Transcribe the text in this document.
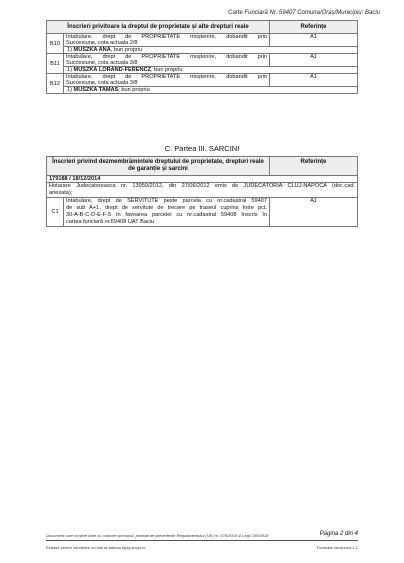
Carte Funciară Nr. 59407 Comuna/Oraș/Municipiu: Baciu
Înscrieri privitoare la dreptul de proprietate și alte drepturi reale		Referințe
B10	Intabulare, drept de PROPRIETATE moștenire, dobandit prin
Succesiune, cota actuala 2/8	A1
	1) MUSZKA ANA, bun propriu	
B11	Intabulare, drept de PROPRIETATE moștenire, dobandit prin
Succesiune, cota actuala 3/8	A1
	1) MUSZKA LORAND-FERENCZ, bun propriu	
B12	Intabulare, drept de PROPRIETATE moștenire, dobandit prin
Succesiune, cota actuala 3/8	A1
	1) MUSZKA TAMAS, bun propriu	
C. Partea III. SARCINI
Înscrieri privind dezmembrămintele dreptului de proprietate, drepturi reale
de garanție și sarcini		Referințe
179188 / 18/12/2014		

Hotarare Judecatoreasca nr. 13950/2012, din 27/06/2012 emis de JUDECATORIA CLUJ-NAPOCA (doc.cad.
anexata);		

C1	Intabulare, drept de SERVITUTE peste parcela cu nr.cadastral 59407
de sub A+1, drept de servitute de trecere pe traseul cuprins între pct.
30-A-B-C-D-E-F-5 în favoarea parcelei cu nr.cadastral 59408 înscris în
cartea funciară nr.59408 UAT Baciu	A1
Document care conține date cu caracter personal, protejat de prevederile Regulamentului (UE) nr. 679/2016 și Legii 190/2018	Pagina 2 din 4
Extrase pentru informare on-line la adresa epay.ancpi.ro	Formular versiunea 1.1
